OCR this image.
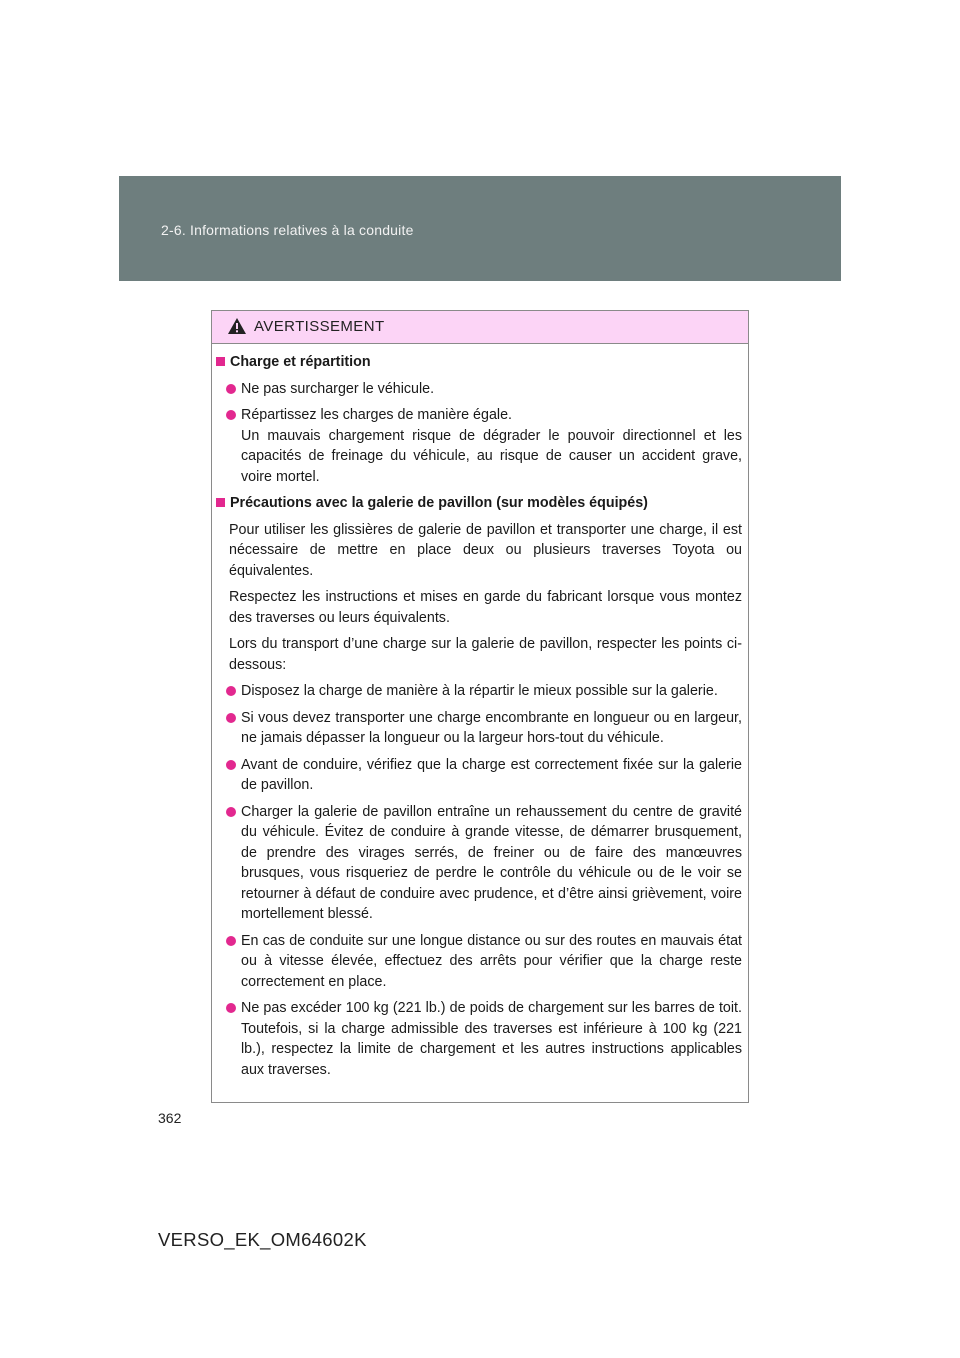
2-6. Informations relatives à la conduite
AVERTISSEMENT
Charge et répartition
Ne pas surcharger le véhicule.
Répartissez les charges de manière égale.
Un mauvais chargement risque de dégrader le pouvoir directionnel et les capacités de freinage du véhicule, au risque de causer un accident grave, voire mortel.
Précautions avec la galerie de pavillon (sur modèles équipés)
Pour utiliser les glissières de galerie de pavillon et transporter une charge, il est nécessaire de mettre en place deux ou plusieurs traverses Toyota ou équivalentes.
Respectez les instructions et mises en garde du fabricant lorsque vous montez des traverses ou leurs équivalents.
Lors du transport d’une charge sur la galerie de pavillon, respecter les points ci-dessous:
Disposez la charge de manière à la répartir le mieux possible sur la galerie.
Si vous devez transporter une charge encombrante en longueur ou en largeur, ne jamais dépasser la longueur ou la largeur hors-tout du véhicule.
Avant de conduire, vérifiez que la charge est correctement fixée sur la galerie de pavillon.
Charger la galerie de pavillon entraîne un rehaussement du centre de gravité du véhicule. Évitez de conduire à grande vitesse, de démarrer brusquement, de prendre des virages serrés, de freiner ou de faire des manœuvres brusques, vous risqueriez de perdre le contrôle du véhicule ou de le voir se retourner à défaut de conduire avec prudence, et d’être ainsi grièvement, voire mortellement blessé.
En cas de conduite sur une longue distance ou sur des routes en mauvais état ou à vitesse élevée, effectuez des arrêts pour vérifier que la charge reste correctement en place.
Ne pas excéder 100 kg (221 lb.) de poids de chargement sur les barres de toit. Toutefois, si la charge admissible des traverses est inférieure à 100 kg (221 lb.), respectez la limite de chargement et les autres instructions applicables aux traverses.
362
VERSO_EK_OM64602K
